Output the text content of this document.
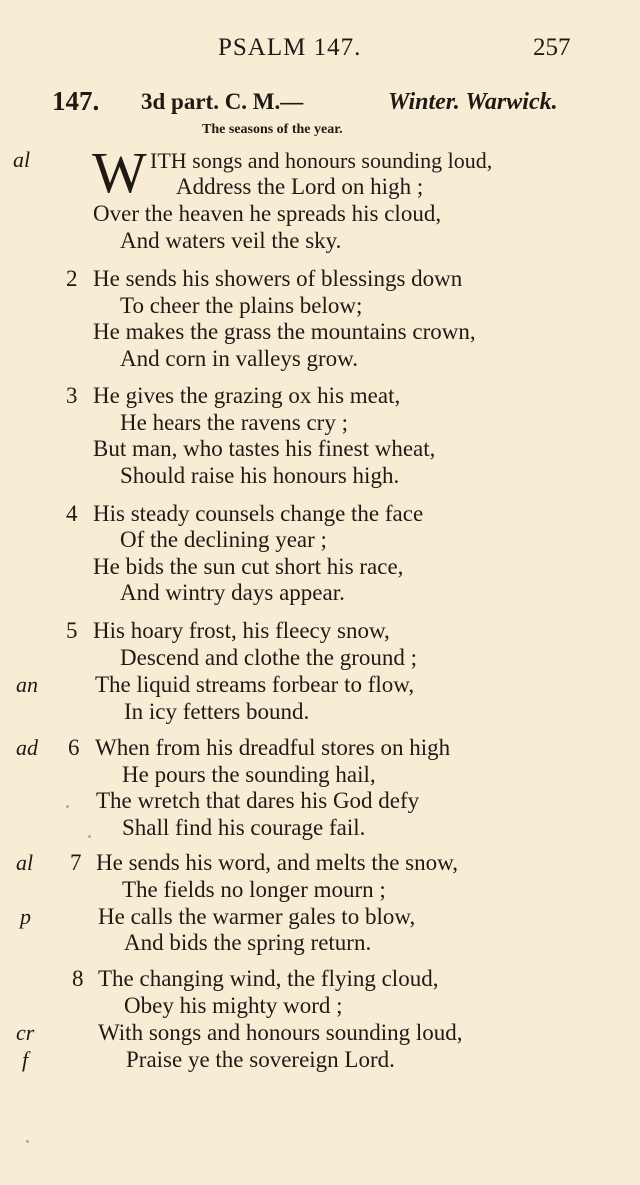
PSALM 147.	257
147. 3d part. C. M.—	Winter. Warwick.
The seasons of the year.
al W ITH songs and honours sounding loud,
Address the Lord on high ;
Over the heaven he spreads his cloud,
And waters veil the sky.
2 He sends his showers of blessings down
To cheer the plains below;
He makes the grass the mountains crown,
And corn in valleys grow.
3 He gives the grazing ox his meat,
He hears the ravens cry ;
But man, who tastes his finest wheat,
Should raise his honours high.
4 His steady counsels change the face
Of the declining year ;
He bids the sun cut short his race,
And wintry days appear.
5 His hoary frost, his fleecy snow,
Descend and clothe the ground ;
an The liquid streams forbear to flow,
In icy fetters bound.
ad 6 When from his dreadful stores on high
He pours the sounding hail,
The wretch that dares his God defy
Shall find his courage fail.
al 7 He sends his word, and melts the snow,
The fields no longer mourn ;
p	He calls the warmer gales to blow,
And bids the spring return.
8 The changing wind, the flying cloud,
Obey his mighty word ;
cr	With songs and honours sounding loud,
f	Praise ye the sovereign Lord.
